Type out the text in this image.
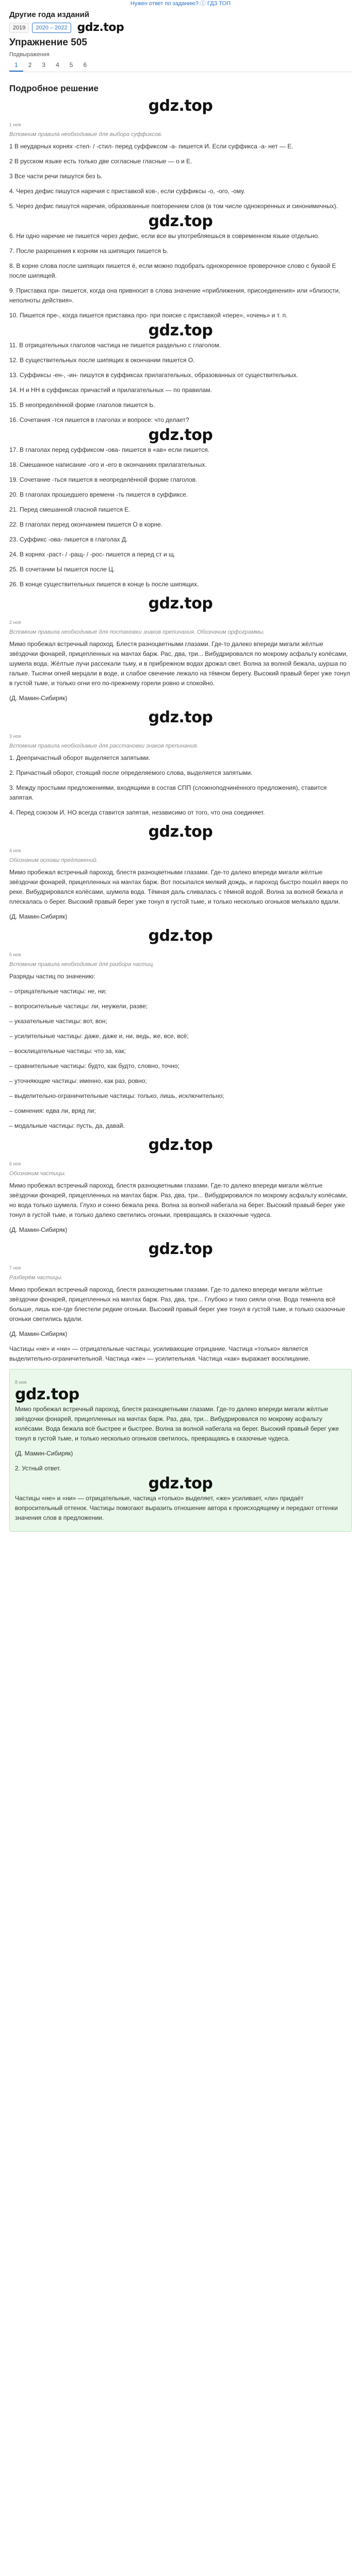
Нужен ответ по заданию? ⓘ ГДЗ ТОП
Другие года изданий
2019	2020 – 2022 gdz.top
Упражнение 505
Подвыражения
1	2	3	4	5	6
Подробное решение
gdz.top
1 ноя
Вспомним правила необходимые для выбора суффиксов.
1 В неударных корнях -стел- / -стил- перед суффиксом -а- пишется И. Если суффикса -а- нет — Е.
2 В русском языке есть только две согласные гласные — о и Е.
3 Все части речи пишутся без Ь.
4. Через дефис пишутся наречия с приставкой ков-, если суффиксы -о, -ого, -ому.
5. Через дефис пишутся наречия, образованные повторением слов (в том числе однокоренных и синонимичных).
gdz.top
6. Ни одно наречие не пишется через дефис, если все вы употребляешься в современном языке отдельно.
7. После разрешения к корням на шипящих пишется Ь.
8. В корне слова после шипящих пишется ё, если можно подобрать однокоренное проверочное слово с буквой Е после шипящей.
9. Приставка при- пишется, когда она привносит в слова значение «приближения, присоединения» или «близости, неполноты действия».
10. Пишется пре-, когда пишется приставка про- при поиске с приставкой «пере», «очень» и т. п.
gdz.top
11. В отрицательных глаголов частица не пишется раздельно с глаголом.
12. В существительных после шипящих в окончании пишется О.
13. Суффиксы -ен-, -ин- пишутся в суффиксах прилагательных, образованных от существительных.
14. Н и НН в суффиксах причастий и прилагательных — по правилам.
15. В неопределённой форме глаголов пишется Ь.
16. Сочетания -тся пишется в глаголах и вопросе: что делает?
gdz.top
17. В глаголах перед суффиксом -ова- пишется в «ав» если пишется.
18. Смешанное написание -ого и -его в окончаниях прилагательных.
19. Сочетание -ться пишется в неопределённой форме глаголов.
20. В глаголах прошедшего времени -ть пишется в суффиксе.
21. Перед смешанной гласной пишется Е.
22. В глаголах перед окончанием пишется О в корне.
23. Суффикс -ова- пишется в глаголах Д.
24. В корнях -раст- / -ращ- / -рос- пишется а перед ст и щ.
25. В сочетании Ы пишется после Ц.
26. В конце существительных пишется в конце Ь после шипящих.
gdz.top
2 ноя
Вспомним правила необходимые для постановки знаков препинания. Обозначим орфограммы.
Мимо пробежал встречный пароход. Блестя разноцветными глазами. Где-то далеко впереди мигали жёлтые звёздочки фонарей, прицепленных на мачтах барж. Рас, два, три... Вибудрировался по мокрому асфальту колёсами, шумела вода. Жёлтые лучи рассекали тьму, и в прибрежном водах дрожал свет. Волна за волной бежала, шурша по гальке. Тысячи огней мерцали в воде, и слабое свечение лежало на тёмном берегу. Высокий правый берег уже тонул в густой тьме, и только огни его по-прежнему горели ровно и спокойно.
(Д. Мамин-Сибиряк)
gdz.top
3 ноя
Вспомним правила необходимые для расстановки знаков препинания.
1. Деепричастный оборот выделяется запятыми.
2. Причастный оборот, стоящий после определяемого слова, выделяется запятыми.
3. Между простыми предложениями, входящими в состав СПП (сложноподчинённого предложения), ставится запятая.
4. Перед союзом И, НО всегда ставится запятая, независимо от того, что она соединяет.
gdz.top
4 ноя
Обозначим основы предложений.
Мимо пробежал встречный пароход, блестя разноцветными глазами. Где-то далеко впереди мигали жёлтые звёздочки фонарей, прицепленных на мачтах барж. Вот посыпался мелкий дождь, и пароход быстро пошёл вверх по реке. Вибудрировался колёсами, шумела вода. Тёмная даль сливалась с тёмной водой. Волна за волной бежала и плескалась о берег. Высокий правый берег уже тонул в густой тьме, и только несколько огоньков мелькало вдали.
(Д. Мамин-Сибиряк)
gdz.top
5 ноя
Вспомним правила необходимые для разбора частиц.
Разряды частиц по значению:
– отрицательные частицы: не, ни;
– вопросительные частицы: ли, неужели, разве;
– указательные частицы: вот, вон;
– усилительные частицы: даже, даже и, ни, ведь, же, все, всё;
– восклицательные частицы: что за, как;
– сравнительные частицы: будто, как будто, словно, точно;
– уточняющие частицы: именно, как раз, ровно;
– выделительно-ограничительные частицы: только, лишь, исключительно;
– сомнения: едва ли, вряд ли;
– модальные частицы: пусть, да, давай.
gdz.top
6 ноя
Обозначим частицы.
Мимо пробежал встречный пароход, блестя разноцветными глазами. Где-то далеко впереди мигали жёлтые звёздочки фонарей, прицепленных на мачтах барж. Раз, два, три... Вибудрировался по мокрому асфальту колёсами, но вода только шумела. Глухо и сонно бежала река. Волна за волной набегала на берег. Высокий правый берег уже тонул в густой тьме, и только далеко светились огоньки, превращаясь в сказочные чудеса.
(Д. Мамин-Сибиряк)
gdz.top
7 ноя
Разберём частицы.
Мимо пробежал встречный пароход, блестя разноцветными глазами. Где-то далеко впереди мигали жёлтые звёздочки фонарей, прицепленных на мачтах барж. Раз, два, три... Глубоко и тихо сияли огни. Вода темнела всё больше, лишь кое-где блестели редкие огоньки. Высокий правый берег уже тонул в густой тьме, и только сказочные огоньки светились вдали.
(Д. Мамин-Сибиряк)
Частицы «не» и «ни» — отрицательные частицы, усиливающие отрицание. Частица «только» является выделительно-ограничительной. Частица «же» — усилительная. Частица «как» выражает восклицание.
8 ноя
gdz.top
Мимо пробежал встречный пароход, блестя разноцветными глазами. Где-то далеко впереди мигали жёлтые звёздочки фонарей, прицепленных на мачтах барж. Раз, два, три... Вибудрировался по мокрому асфальту колёсами. Вода бежала всё быстрее и быстрее. Волна за волной набегала на берег. Высокий правый берег уже тонул в густой тьме, и только несколько огоньков светилось, превращаясь в сказочные чудеса.
(Д. Мамин-Сибиряк)
2. Устный ответ.
gdz.top
Частицы «не» и «ни» — отрицательные, частица «только» выделяет, «же» усиливает, «ли» придаёт вопросительный оттенок. Частицы помогают выразить отношение автора к происходящему и передают оттенки значения слов в предложении.
